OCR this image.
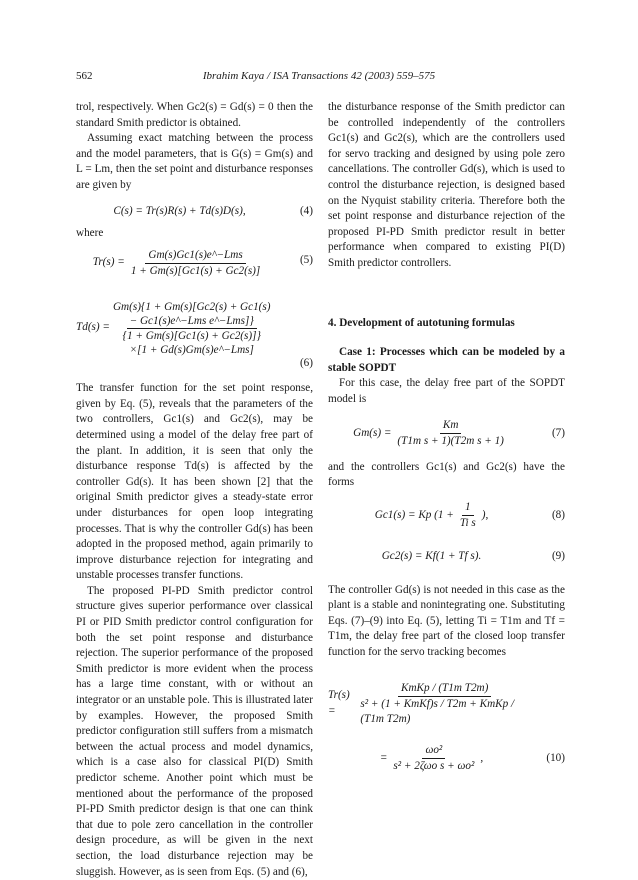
562	Ibrahim Kaya / ISA Transactions 42 (2003) 559–575

trol, respectively. When Gc2(s) = Gd(s) = 0 then the standard Smith predictor is obtained.

Assuming exact matching between the process and the model parameters, that is G(s) = Gm(s) and L = Lm, then the set point and disturbance responses are given by

C(s) = Tr(s)R(s) + Td(s)D(s),	(4)

where

$Tr(s) = \frac{\text{Gm(s)Gc1(s)e\textasciicircum{}−Lms}}{1 + Gm(s)[Gc1(s) + Gc2(s)]}$	(5)
Td(s) =
Gm(s){1 + Gm(s)[Gc2(s) + Gc1(s)
− Gc1(s)e^−Lms e^−Lms]}
{1 + Gm(s)[Gc1(s) + Gc2(s)]}
×[1 + Gd(s)Gm(s)e^−Lms]
(6)

The transfer function for the set point response, given by Eq. (5), reveals that the parameters of the two controllers, Gc1(s) and Gc2(s), may be determined using a model of the delay free part of the plant. In addition, it is seen that only the disturbance response Td(s) is affected by the controller Gd(s). It has been shown [2] that the original Smith predictor gives a steady-state error under disturbances for open loop integrating processes. That is why the controller Gd(s) has been adopted in the proposed method, again primarily to improve disturbance rejection for integrating and unstable processes transfer functions.

The proposed PI-PD Smith predictor control structure gives superior performance over classical PI or PID Smith predictor control configuration for both the set point response and disturbance rejection. The superior performance of the proposed Smith predictor is more evident when the process has a large time constant, with or without an integrator or an unstable pole. This is illustrated later by examples. However, the proposed Smith predictor configuration still suffers from a mismatch between the actual process and model dynamics, which is a case also for classical PI(D) Smith predictor scheme. Another point which must be mentioned about the performance of the proposed PI-PD Smith predictor design is that one can think that due to pole zero cancellation in the controller design procedure, as will be given in the next section, the load disturbance rejection may be sluggish. However, as is seen from Eqs. (5) and (6),

the disturbance response of the Smith predictor can be controlled independently of the controllers Gc1(s) and Gc2(s), which are the controllers used for servo tracking and designed by using pole zero cancellations. The controller Gd(s), which is used to control the disturbance rejection, is designed based on the Nyquist stability criteria. Therefore both the set point response and disturbance rejection of the proposed PI-PD Smith predictor result in better performance when compared to existing PI(D) Smith predictor controllers.

4. Development of autotuning formulas

Case 1: Processes which can be modeled by a stable SOPDT

For this case, the delay free part of the SOPDT model is

$Gm(s) = \frac{Km}{\text{(T1m s + 1)(T2m s + 1)}}$	(7)

and the controllers Gc1(s) and Gc2(s) have the forms

Gc1(s) = Kp ($1 + \frac{1}{\text{Ti s}}$ ),	(8)
Gc2(s) = Kf(1 + Tf s).	(9)

The controller Gd(s) is not needed in this case as the plant is a stable and nonintegrating one. Substituting Eqs. (7)–(9) into Eq. (5), letting Ti = T1m and Tf = T1m, the delay free part of the closed loop transfer function for the servo tracking becomes

Tr(s) =	$\frac{\text{KmKp / (T1m T2m)}}{\text{s² + (1 + KmKf)s / T2m + KmKp / (T1m T2m)}}$
= $\frac{\text{ωo²}}{\text{s² + 2ζωo s + ωo²}}$ ,	(10)
